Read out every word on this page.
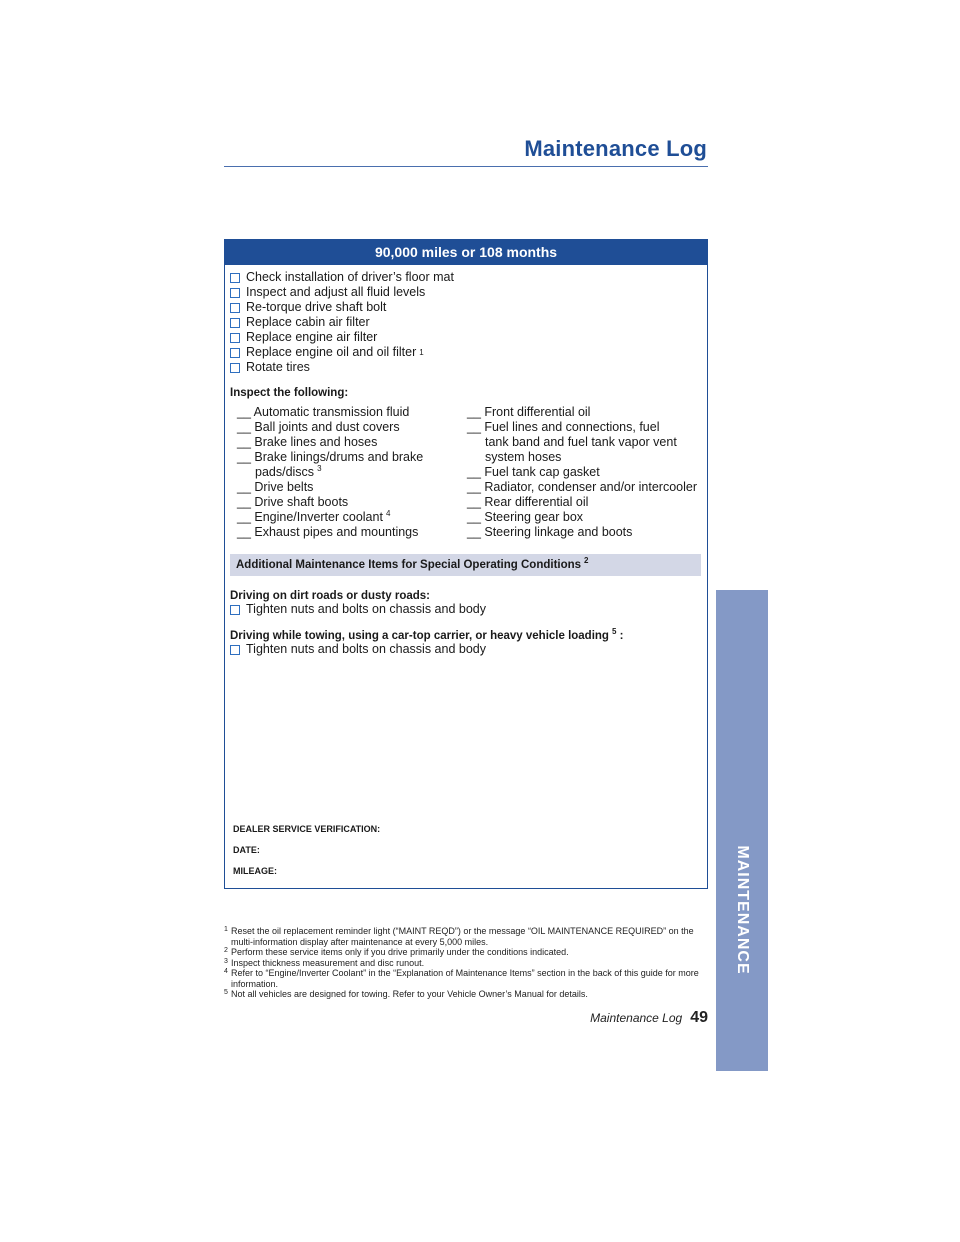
Maintenance Log
90,000 miles or 108 months
Check installation of driver’s floor mat
Inspect and adjust all fluid levels
Re-torque drive shaft bolt
Replace cabin air filter
Replace engine air filter
Replace engine oil and oil filter 1
Rotate tires
Inspect the following:
__ Automatic transmission fluid
__ Ball joints and dust covers
__ Brake lines and hoses
__ Brake linings/drums and brake pads/discs $^3$
__ Drive belts
__ Drive shaft boots
__ Engine/Inverter coolant $^4$
__ Exhaust pipes and mountings
__ Front differential oil
__ Fuel lines and connections, fuel tank band and fuel tank vapor vent system hoses
__ Fuel tank cap gasket
__ Radiator, condenser and/or intercooler
__ Rear differential oil
__ Steering gear box
__ Steering linkage and boots
Additional Maintenance Items for Special Operating Conditions $^2$
Driving on dirt roads or dusty roads:
Tighten nuts and bolts on chassis and body
Driving while towing, using a car-top carrier, or heavy vehicle loading $^5$ :
Tighten nuts and bolts on chassis and body
DEALER SERVICE VERIFICATION:
DATE:
MILEAGE:
1 Reset the oil replacement reminder light (“MAINT REQD”) or the message “OIL MAINTENANCE REQUIRED” on the multi-information display after maintenance at every 5,000 miles.
2 Perform these service items only if you drive primarily under the conditions indicated.
3 Inspect thickness measurement and disc runout.
4 Refer to “Engine/Inverter Coolant” in the “Explanation of Maintenance Items” section in the back of this guide for more information.
5 Not all vehicles are designed for towing. Refer to your Vehicle Owner’s Manual for details.
Maintenance Log 49
MAINTENANCE
